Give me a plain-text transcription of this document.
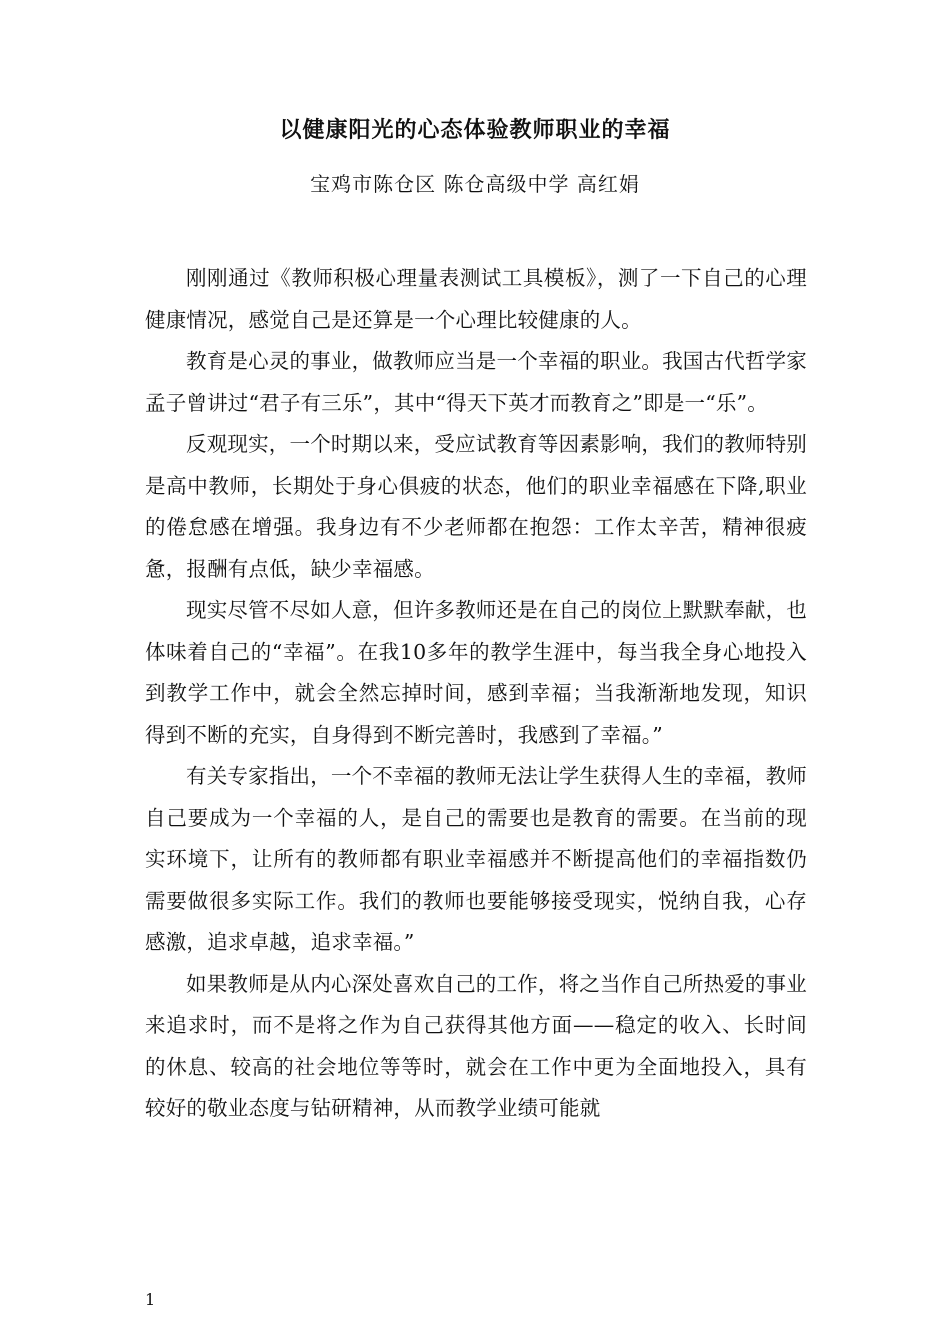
以健康阳光的心态体验教师职业的幸福

宝鸡市陈仓区 陈仓高级中学 高红娟

刚刚通过《教师积极心理量表测试工具模板》，测了一下自己的心理健康情况，感觉自己是还算是一个心理比较健康的人。

教育是心灵的事业，做教师应当是一个幸福的职业。我国古代哲学家孟子曾讲过“君子有三乐”，其中“得天下英才而教育之”即是一“乐”。

反观现实，一个时期以来，受应试教育等因素影响，我们的教师特别是高中教师，长期处于身心俱疲的状态，他们的职业幸福感在下降,职业的倦怠感在增强。我身边有不少老师都在抱怨：工作太辛苦，精神很疲惫，报酬有点低，缺少幸福感。

现实尽管不尽如人意，但许多教师还是在自己的岗位上默默奉献，也体味着自己的“幸福”。在我10多年的教学生涯中，每当我全身心地投入到教学工作中，就会全然忘掉时间，感到幸福；当我渐渐地发现，知识得到不断的充实，自身得到不断完善时，我感到了幸福。”

有关专家指出，一个不幸福的教师无法让学生获得人生的幸福，教师自己要成为一个幸福的人，是自己的需要也是教育的需要。在当前的现实环境下，让所有的教师都有职业幸福感并不断提高他们的幸福指数仍需要做很多实际工作。我们的教师也要能够接受现实，悦纳自我，心存感激，追求卓越，追求幸福。”

如果教师是从内心深处喜欢自己的工作，将之当作自己所热爱的事业来追求时，而不是将之作为自己获得其他方面——稳定的收入、长时间的休息、较高的社会地位等等时，就会在工作中更为全面地投入，具有较好的敬业态度与钻研精神，从而教学业绩可能就

1
